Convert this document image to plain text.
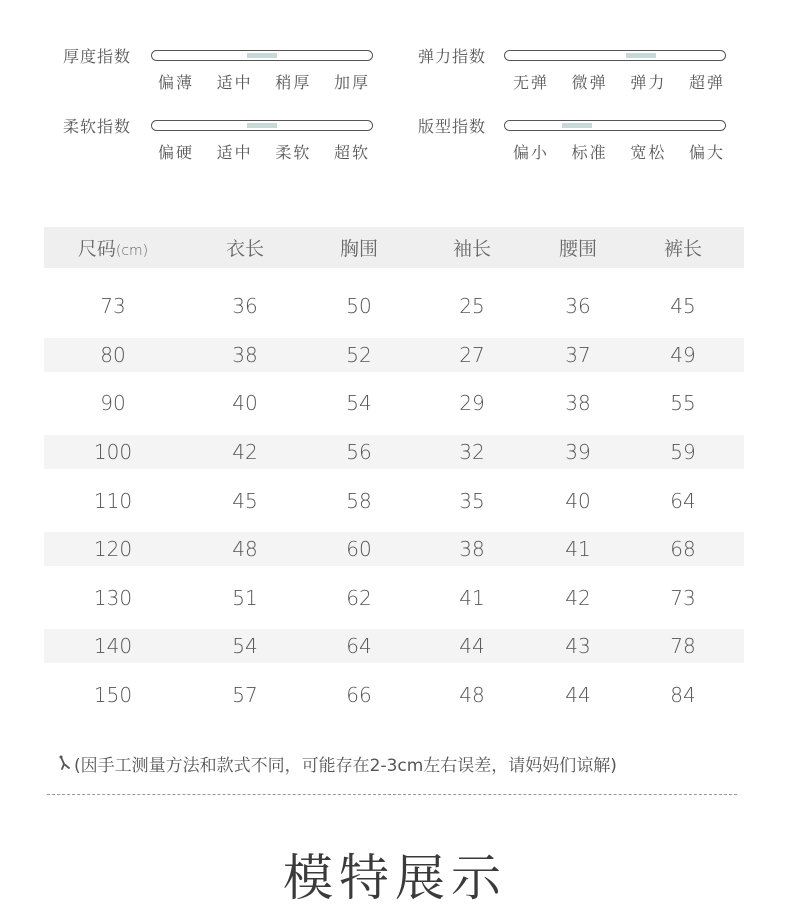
厚度指数
偏薄 适中 稍厚 加厚
弹力指数
无弹 微弹 弹力 超弹
柔软指数
偏硬 适中 柔软 超软
版型指数
偏小 标准 宽松 偏大
尺码(cm)	衣长	胸围	袖长	腰围	裤长
73	36	50	25	36	45
80	38	52	27	37	49
90	40	54	29	38	55
100	42	56	32	39	59
110	45	58	35	40	64
120	48	60	38	41	68
130	51	62	41	42	73
140	54	64	44	43	78
150	57	66	48	44	84
(因手工测量方法和款式不同，可能存在2-3cm左右误差，请妈妈们谅解)
模特展示
